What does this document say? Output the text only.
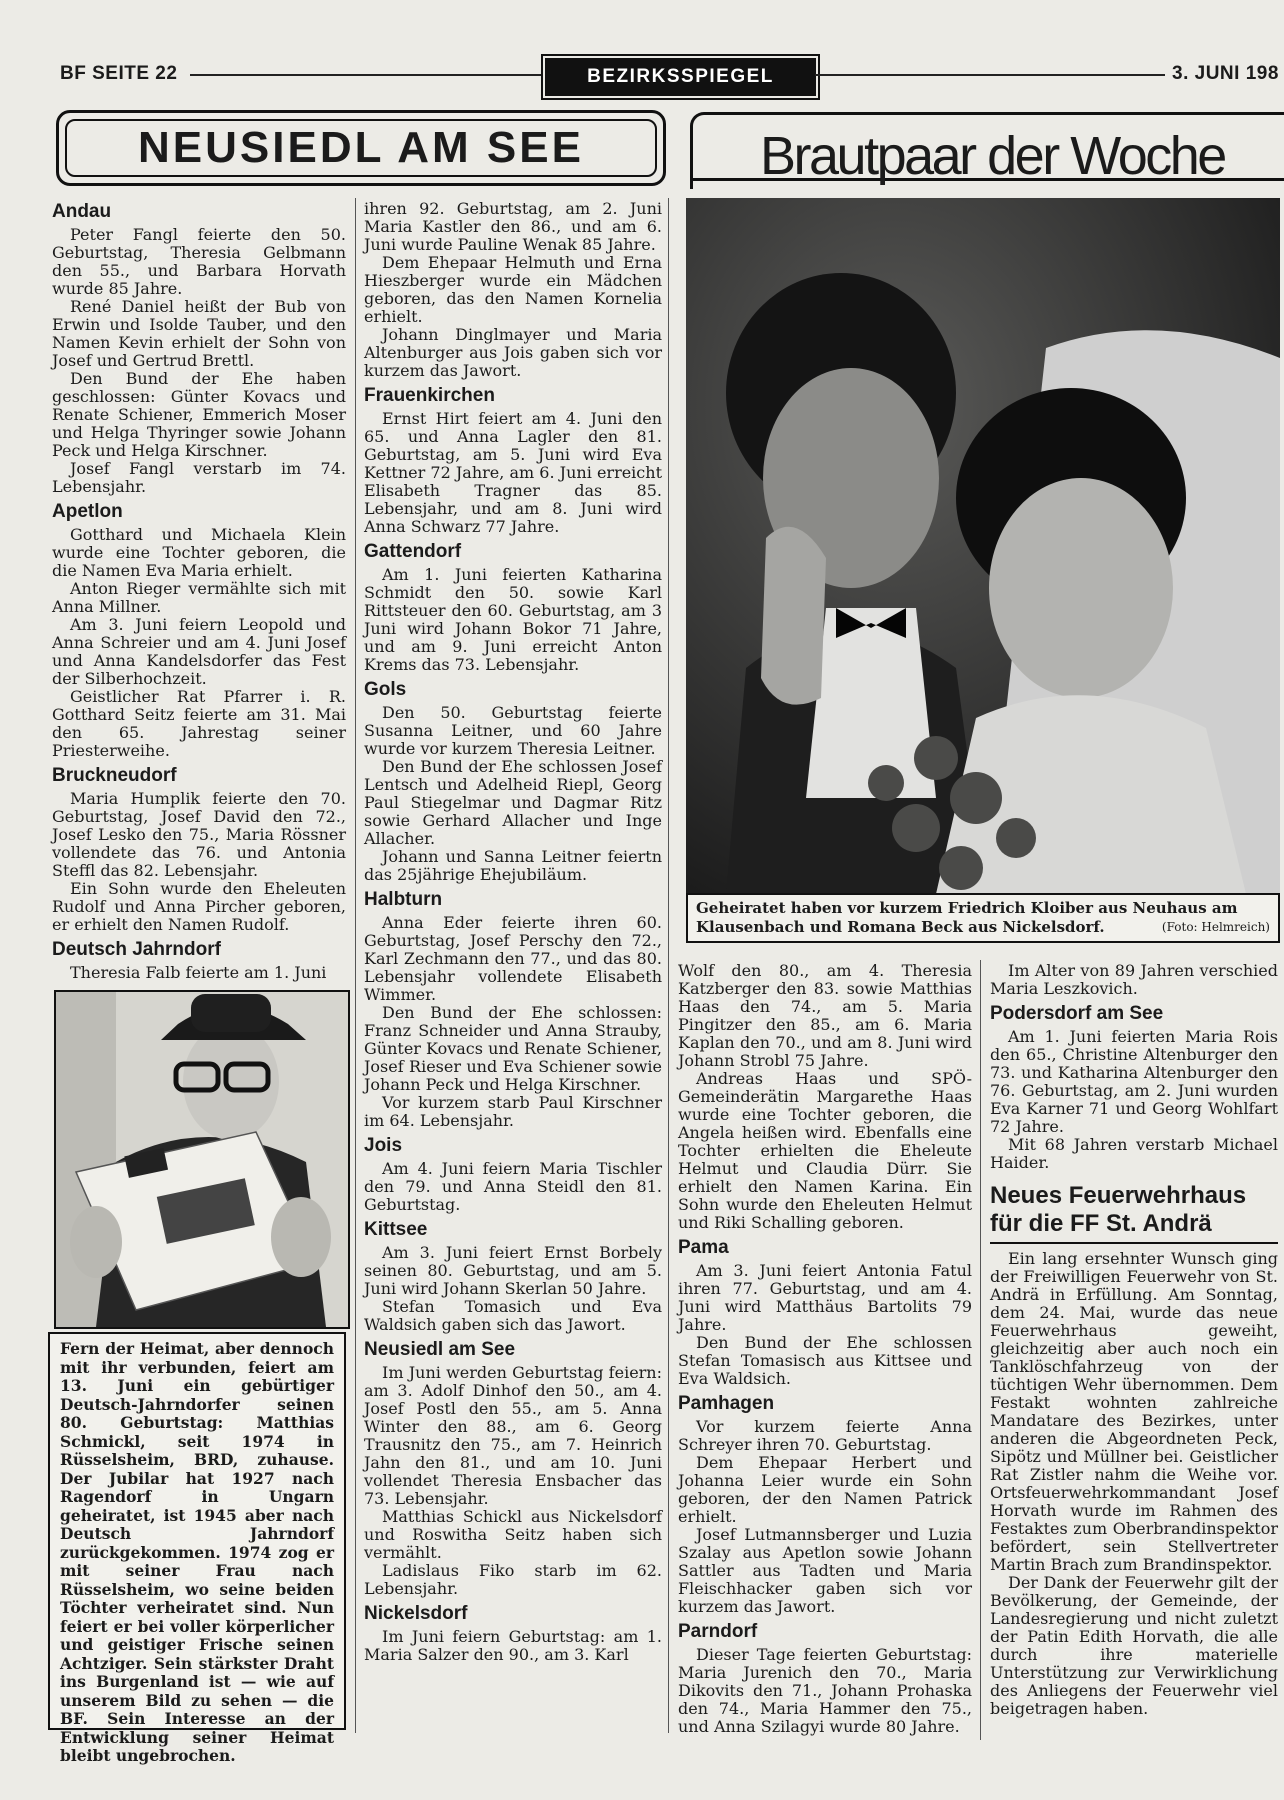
BF SEITE 22	BEZIRKSSPIEGEL	3. JUNI 198
NEUSIEDL AM SEE	Brautpaar der Woche
Geheiratet haben vor kurzem Friedrich Kloiber aus Neuhaus am Klausenbach und Romana Beck aus Nickelsdorf.	(Foto: Helmreich)
Fern der Heimat, aber dennoch mit ihr verbunden, feiert am 13. Juni ein gebürtiger Deutsch-Jahrndorfer seinen 80. Geburtstag: Matthias Schmickl, seit 1974 in Rüsselsheim, BRD, zuhause. Der Jubilar hat 1927 nach Ragendorf in Ungarn geheiratet, ist 1945 aber nach Deutsch Jahrndorf zurückgekommen. 1974 zog er mit seiner Frau nach Rüsselsheim, wo seine beiden Töchter verheiratet sind. Nun feiert er bei voller körperlicher und geistiger Frische seinen Achtziger. Sein stärkster Draht ins Burgenland ist — wie auf unserem Bild zu sehen — die BF. Sein Interesse an der Entwicklung seiner Heimat bleibt ungebrochen.
Andau

Peter Fangl feierte den 50. Geburtstag, Theresia Gelbmann den 55., und Barbara Horvath wurde 85 Jahre.

René Daniel heißt der Bub von Erwin und Isolde Tauber, und den Namen Kevin erhielt der Sohn von Josef und Gertrud Brettl.

Den Bund der Ehe haben geschlossen: Günter Kovacs und Renate Schiener, Emmerich Moser und Helga Thyringer sowie Johann Peck und Helga Kirschner.

Josef Fangl verstarb im 74. Lebensjahr.

Apetlon

Gotthard und Michaela Klein wurde eine Tochter geboren, die die Namen Eva Maria erhielt.

Anton Rieger vermählte sich mit Anna Millner.

Am 3. Juni feiern Leopold und Anna Schreier und am 4. Juni Josef und Anna Kandelsdorfer das Fest der Silberhochzeit.

Geistlicher Rat Pfarrer i. R. Gotthard Seitz feierte am 31. Mai den 65. Jahrestag seiner Priesterweihe.

Bruckneudorf

Maria Humplik feierte den 70. Geburtstag, Josef David den 72., Josef Lesko den 75., Maria Rössner vollendete das 76. und Antonia Steffl das 82. Lebensjahr.

Ein Sohn wurde den Eheleuten Rudolf und Anna Pircher geboren, er erhielt den Namen Rudolf.

Deutsch Jahrndorf

Theresia Falb feierte am 1. Juni

ihren 92. Geburtstag, am 2. Juni Maria Kastler den 86., und am 6. Juni wurde Pauline Wenak 85 Jahre.

Dem Ehepaar Helmuth und Erna Hieszberger wurde ein Mädchen geboren, das den Namen Kornelia erhielt.

Johann Dinglmayer und Maria Altenburger aus Jois gaben sich vor kurzem das Jawort.

Frauenkirchen

Ernst Hirt feiert am 4. Juni den 65. und Anna Lagler den 81. Geburtstag, am 5. Juni wird Eva Kettner 72 Jahre, am 6. Juni erreicht Elisabeth Tragner das 85. Lebensjahr, und am 8. Juni wird Anna Schwarz 77 Jahre.

Gattendorf

Am 1. Juni feierten Katharina Schmidt den 50. sowie Karl Rittsteuer den 60. Geburtstag, am 3 Juni wird Johann Bokor 71 Jahre, und am 9. Juni erreicht Anton Krems das 73. Lebensjahr.

Gols

Den 50. Geburtstag feierte Susanna Leitner, und 60 Jahre wurde vor kurzem Theresia Leitner.

Den Bund der Ehe schlossen Josef Lentsch und Adelheid Riepl, Georg Paul Stiegelmar und Dagmar Ritz sowie Gerhard Allacher und Inge Allacher.

Johann und Sanna Leitner feiertn das 25jährige Ehejubiläum.

Halbturn

Anna Eder feierte ihren 60. Geburtstag, Josef Perschy den 72., Karl Zechmann den 77., und das 80. Lebensjahr vollendete Elisabeth Wimmer.

Den Bund der Ehe schlossen: Franz Schneider und Anna Strauby, Günter Kovacs und Renate Schiener, Josef Rieser und Eva Schiener sowie Johann Peck und Helga Kirschner.

Vor kurzem starb Paul Kirschner im 64. Lebensjahr.

Jois

Am 4. Juni feiern Maria Tischler den 79. und Anna Steidl den 81. Geburtstag.

Kittsee

Am 3. Juni feiert Ernst Borbely seinen 80. Geburtstag, und am 5. Juni wird Johann Skerlan 50 Jahre.

Stefan Tomasich und Eva Waldsich gaben sich das Jawort.

Neusiedl am See

Im Juni werden Geburtstag feiern: am 3. Adolf Dinhof den 50., am 4. Josef Postl den 55., am 5. Anna Winter den 88., am 6. Georg Trausnitz den 75., am 7. Heinrich Jahn den 81., und am 10. Juni vollendet Theresia Ensbacher das 73. Lebensjahr.

Matthias Schickl aus Nickelsdorf und Roswitha Seitz haben sich vermählt.

Ladislaus Fiko starb im 62. Lebensjahr.

Nickelsdorf

Im Juni feiern Geburtstag: am 1. Maria Salzer den 90., am 3. Karl

Wolf den 80., am 4. Theresia Katzberger den 83. sowie Matthias Haas den 74., am 5. Maria Pingitzer den 85., am 6. Maria Kaplan den 70., und am 8. Juni wird Johann Strobl 75 Jahre.

Andreas Haas und SPÖ-Gemeinderätin Margarethe Haas wurde eine Tochter geboren, die Angela heißen wird. Ebenfalls eine Tochter erhielten die Eheleute Helmut und Claudia Dürr. Sie erhielt den Namen Karina. Ein Sohn wurde den Eheleuten Helmut und Riki Schalling geboren.

Pama

Am 3. Juni feiert Antonia Fatul ihren 77. Geburtstag, und am 4. Juni wird Matthäus Bartolits 79 Jahre.

Den Bund der Ehe schlossen Stefan Tomasisch aus Kittsee und Eva Waldsich.

Pamhagen

Vor kurzem feierte Anna Schreyer ihren 70. Geburtstag.

Dem Ehepaar Herbert und Johanna Leier wurde ein Sohn geboren, der den Namen Patrick erhielt.

Josef Lutmannsberger und Luzia Szalay aus Apetlon sowie Johann Sattler aus Tadten und Maria Fleischhacker gaben sich vor kurzem das Jawort.

Parndorf

Dieser Tage feierten Geburtstag: Maria Jurenich den 70., Maria Dikovits den 71., Johann Prohaska den 74., Maria Hammer den 75., und Anna Szilagyi wurde 80 Jahre.

Im Alter von 89 Jahren verschied Maria Leszkovich.

Podersdorf am See

Am 1. Juni feierten Maria Rois den 65., Christine Altenburger den 73. und Katharina Altenburger den 76. Geburtstag, am 2. Juni wurden Eva Karner 71 und Georg Wohlfart 72 Jahre.

Mit 68 Jahren verstarb Michael Haider.

Neues Feuerwehrhaus für die FF St. Andrä

Ein lang ersehnter Wunsch ging der Freiwilligen Feuerwehr von St. Andrä in Erfüllung. Am Sonntag, dem 24. Mai, wurde das neue Feuerwehrhaus geweiht, gleichzeitig aber auch noch ein Tanklöschfahrzeug von der tüchtigen Wehr übernommen. Dem Festakt wohnten zahlreiche Mandatare des Bezirkes, unter anderen die Abgeordneten Peck, Sipötz und Müllner bei. Geistlicher Rat Zistler nahm die Weihe vor. Ortsfeuerwehrkommandant Josef Horvath wurde im Rahmen des Festaktes zum Oberbrandinspektor befördert, sein Stellvertreter Martin Brach zum Brandinspektor.

Der Dank der Feuerwehr gilt der Bevölkerung, der Gemeinde, der Landesregierung und nicht zuletzt der Patin Edith Horvath, die alle durch ihre materielle Unterstützung zur Verwirklichung des Anliegens der Feuerwehr viel beigetragen haben.
